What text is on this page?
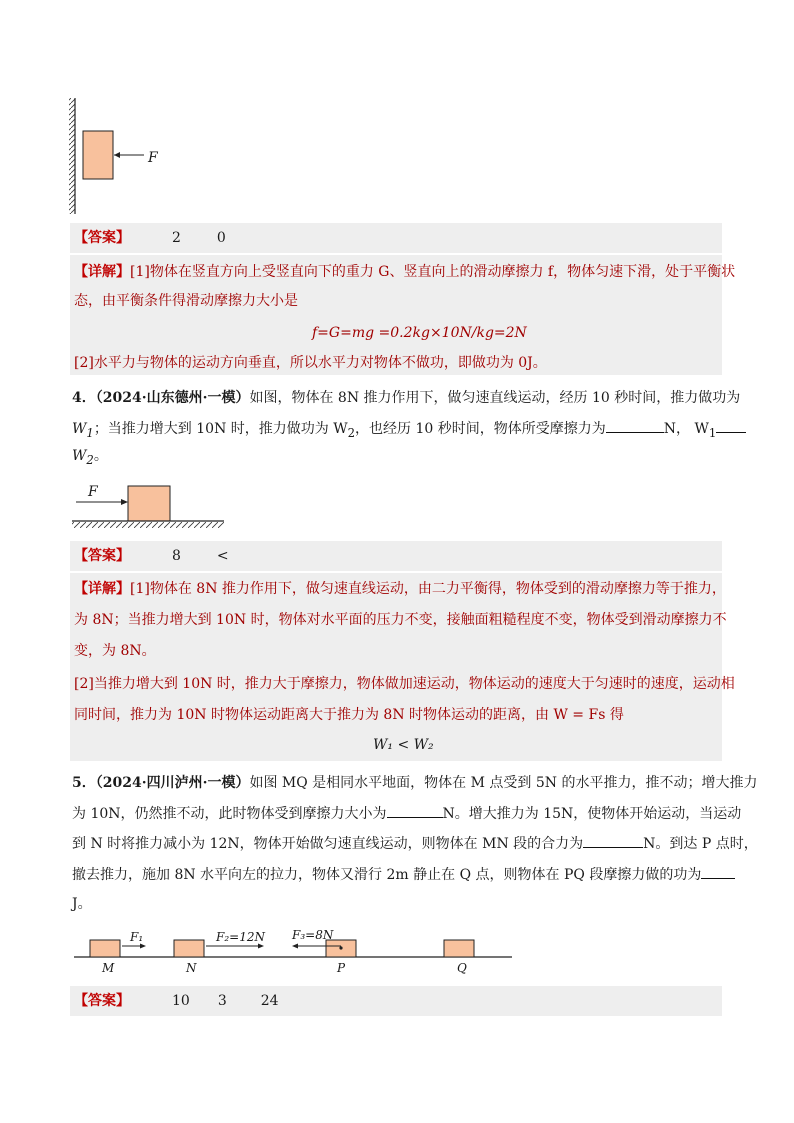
F
【答案】	2	0
【详解】[1]物体在竖直方向上受竖直向下的重力 G、竖直向上的滑动摩擦力 f，物体匀速下滑，处于平衡状
态，由平衡条件得滑动摩擦力大小是
f=G=mg =0.2kg×10N/kg=2N
[2]水平力与物体的运动方向垂直，所以水平力对物体不做功，即做功为 0J。
4．（2024·山东德州·一模）如图，物体在 8N 推力作用下，做匀速直线运动，经历 10 秒时间，推力做功为
$W_1$；当推力增大到 10N 时，推力做功为 $W_2$，也经历 10 秒时间，物体所受摩擦力为	N， $W_1$
$W_2$。
F
【答案】	8	<
【详解】[1]物体在 8N 推力作用下，做匀速直线运动，由二力平衡得，物体受到的滑动摩擦力等于推力，
为 8N；当推力增大到 10N 时，物体对水平面的压力不变，接触面粗糙程度不变，物体受到滑动摩擦力不
变，为 8N。
[2]当推力增大到 10N 时，推力大于摩擦力，物体做加速运动，物体运动的速度大于匀速时的速度，运动相
同时间，推力为 10N 时物体运动距离大于推力为 8N 时物体运动的距离，由 W = Fs 得
W₁ < W₂
5．（2024·四川泸州·一模）如图 MQ 是相同水平地面，物体在 M 点受到 5N 的水平推力，推不动；增大推力
为 10N，仍然推不动，此时物体受到摩擦力大小为	N。增大推力为 15N，使物体开始运动，当运动
到 N 时将推力减小为 12N，物体开始做匀速直线运动，则物体在 MN 段的合力为	N。到达 P 点时，
撤去推力，施加 8N 水平向左的拉力，物体又滑行 2m 静止在 Q 点，则物体在 PQ 段摩擦力做的功为
J。
F₁	F₂=12N F₃=8N
M	N	P	Q
【答案】	10 3 24
